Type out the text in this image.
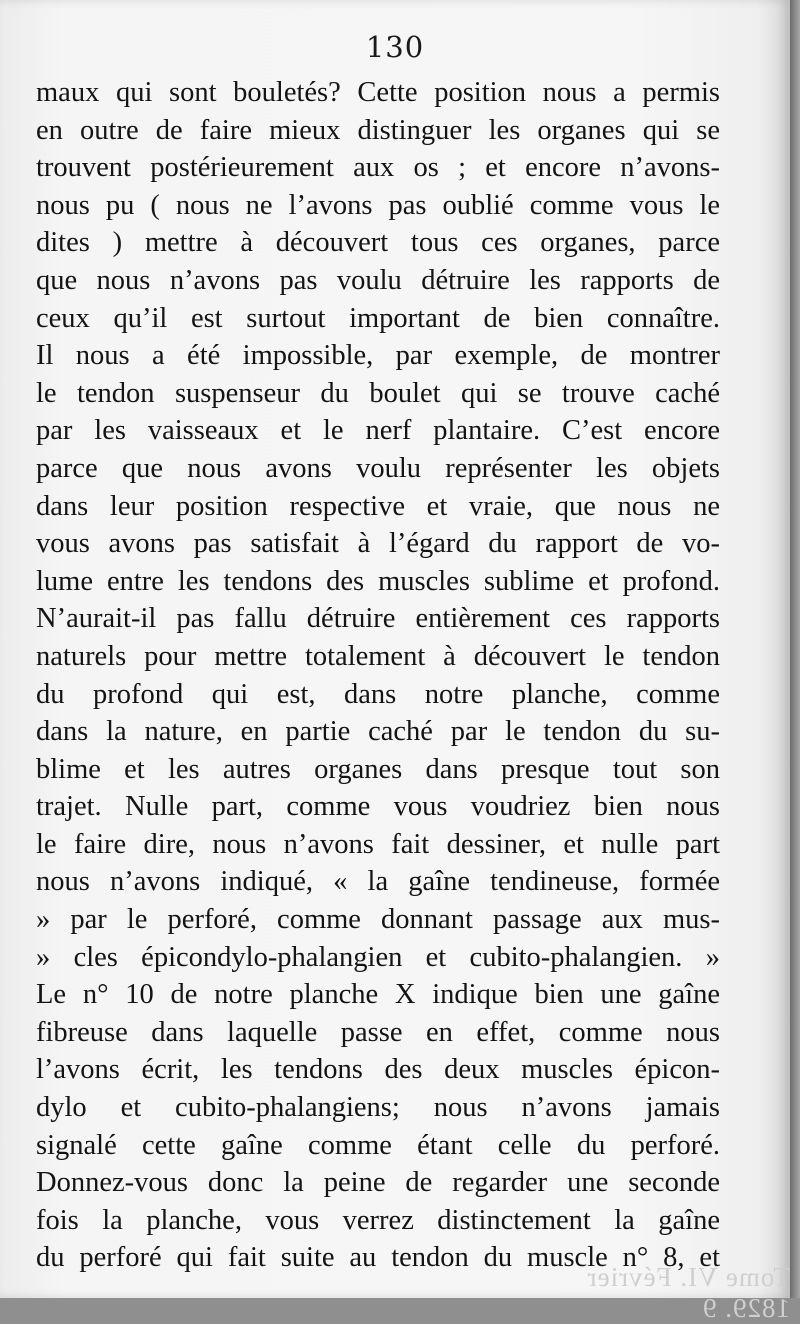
130
maux qui sont bouletés? Cette position nous a permis
en outre de faire mieux distinguer les organes qui se
trouvent postérieurement aux os ; et encore n’avons-
nous pu ( nous ne l’avons pas oublié comme vous le
dites ) mettre à découvert tous ces organes, parce
que nous n’avons pas voulu détruire les rapports de
ceux qu’il est surtout important de bien connaître.
Il nous a été impossible, par exemple, de montrer
le tendon suspenseur du boulet qui se trouve caché
par les vaisseaux et le nerf plantaire. C’est encore
parce que nous avons voulu représenter les objets
dans leur position respective et vraie, que nous ne
vous avons pas satisfait à l’égard du rapport de vo-
lume entre les tendons des muscles sublime et profond.
N’aurait-il pas fallu détruire entièrement ces rapports
naturels pour mettre totalement à découvert le tendon
du profond qui est, dans notre planche, comme
dans la nature, en partie caché par le tendon du su-
blime et les autres organes dans presque tout son
trajet. Nulle part, comme vous voudriez bien nous
le faire dire, nous n’avons fait dessiner, et nulle part
nous n’avons indiqué, « la gaîne tendineuse, formée
» par le perforé, comme donnant passage aux mus-
» cles épicondylo-phalangien et cubito-phalangien. »
Le n° 10 de notre planche X indique bien une gaîne
fibreuse dans laquelle passe en effet, comme nous
l’avons écrit, les tendons des deux muscles épicon-
dylo et cubito-phalangiens; nous n’avons jamais
signalé cette gaîne comme étant celle du perforé.
Donnez-vous donc la peine de regarder une seconde
fois la planche, vous verrez distinctement la gaîne
du perforé qui fait suite au tendon du muscle n° 8, et
Tome VI. Février 1829. 9
